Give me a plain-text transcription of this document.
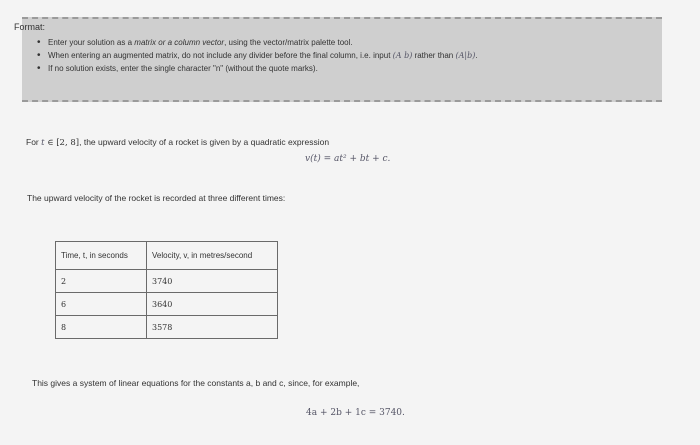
Format:
• Enter your solution as a matrix or a column vector, using the vector/matrix palette tool.
• When entering an augmented matrix, do not include any divider before the final column, i.e. input (A b) rather than (A|b).
• If no solution exists, enter the single character "n" (without the quote marks).
For t ∈ [2, 8], the upward velocity of a rocket is given by a quadratic expression
v(t) = at² + bt + c.
The upward velocity of the rocket is recorded at three different times:
Time, t, in seconds	Velocity, v, in metres/second
2	3740
6	3640
8	3578
This gives a system of linear equations for the constants a, b and c, since, for example,
4a + 2b + 1c = 3740.
